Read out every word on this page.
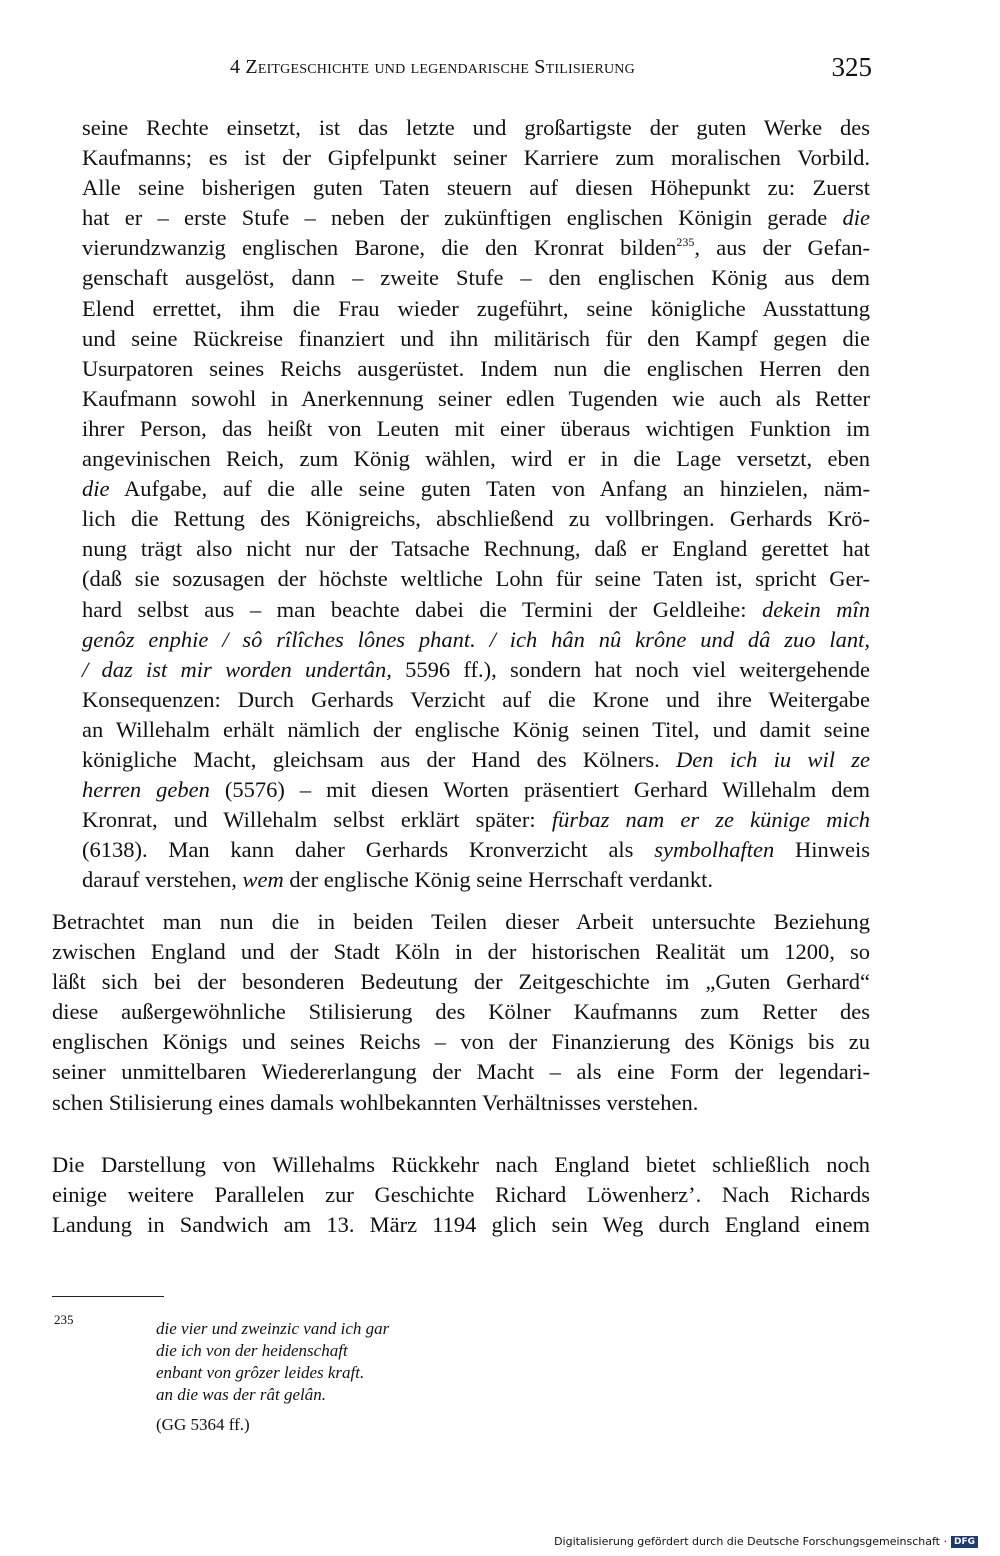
4 Zeitgeschichte und legendarische Stilisierung	325
seine Rechte einsetzt, ist das letzte und großartigste der guten Werke des
Kaufmanns; es ist der Gipfelpunkt seiner Karriere zum moralischen Vorbild.
Alle seine bisherigen guten Taten steuern auf diesen Höhepunkt zu: Zuerst
hat er – erste Stufe – neben der zukünftigen englischen Königin gerade die
vierundzwanzig englischen Barone, die den Kronrat bilden$^{235}$, aus der Gefan-
genschaft ausgelöst, dann – zweite Stufe – den englischen König aus dem
Elend errettet, ihm die Frau wieder zugeführt, seine königliche Ausstattung
und seine Rückreise finanziert und ihn militärisch für den Kampf gegen die
Usurpatoren seines Reichs ausgerüstet. Indem nun die englischen Herren den
Kaufmann sowohl in Anerkennung seiner edlen Tugenden wie auch als Retter
ihrer Person, das heißt von Leuten mit einer überaus wichtigen Funktion im
angevinischen Reich, zum König wählen, wird er in die Lage versetzt, eben
die Aufgabe, auf die alle seine guten Taten von Anfang an hinzielen, näm-
lich die Rettung des Königreichs, abschließend zu vollbringen. Gerhards Krö-
nung trägt also nicht nur der Tatsache Rechnung, daß er England gerettet hat
(daß sie sozusagen der höchste weltliche Lohn für seine Taten ist, spricht Ger-
hard selbst aus – man beachte dabei die Termini der Geldleihe: dekein mîn
genôz enphie / sô rîlîches lônes phant. / ich hân nû krône und dâ zuo lant,
/ daz ist mir worden undertân, 5596 ff.), sondern hat noch viel weitergehende
Konsequenzen: Durch Gerhards Verzicht auf die Krone und ihre Weitergabe
an Willehalm erhält nämlich der englische König seinen Titel, und damit seine
königliche Macht, gleichsam aus der Hand des Kölners. Den ich iu wil ze
herren geben (5576) – mit diesen Worten präsentiert Gerhard Willehalm dem
Kronrat, und Willehalm selbst erklärt später: fürbaz nam er ze künige mich
(6138). Man kann daher Gerhards Kronverzicht als symbolhaften Hinweis
darauf verstehen, wem der englische König seine Herrschaft verdankt.
Betrachtet man nun die in beiden Teilen dieser Arbeit untersuchte Beziehung
zwischen England und der Stadt Köln in der historischen Realität um 1200, so
läßt sich bei der besonderen Bedeutung der Zeitgeschichte im „Guten Gerhard“
diese außergewöhnliche Stilisierung des Kölner Kaufmanns zum Retter des
englischen Königs und seines Reichs – von der Finanzierung des Königs bis zu
seiner unmittelbaren Wiedererlangung der Macht – als eine Form der legendari-
schen Stilisierung eines damals wohlbekannten Verhältnisses verstehen.
Die Darstellung von Willehalms Rückkehr nach England bietet schließlich noch
einige weitere Parallelen zur Geschichte Richard Löwenherz’. Nach Richards
Landung in Sandwich am 13. März 1194 glich sein Weg durch England einem
235	die vier und zweinzic vand ich gar
die ich von der heidenschaft
enbant von grôzer leides kraft.
an die was der rât gelân.
(GG 5364 ff.)
Digitalisierung gefördert durch die Deutsche Forschungsgemeinschaft · DFG
